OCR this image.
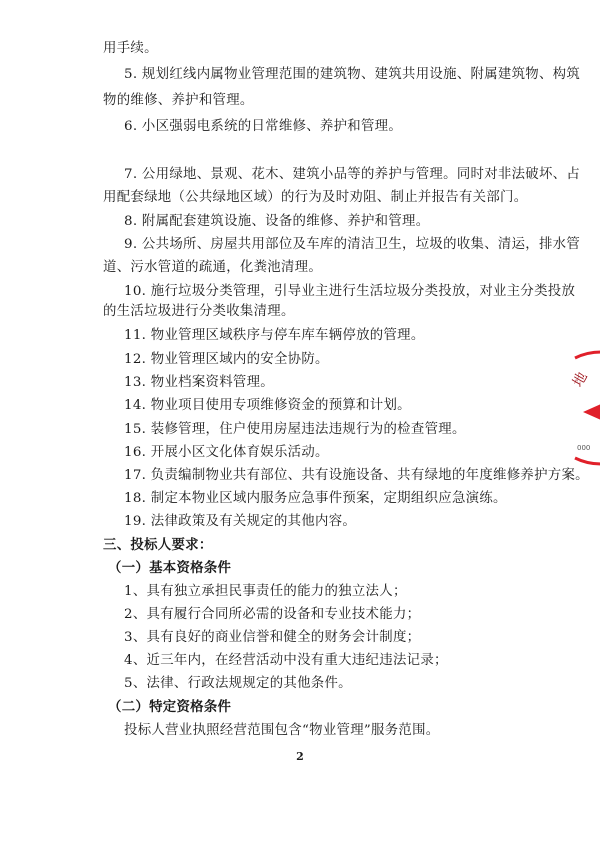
用手续。
5. 规划红线内属物业管理范围的建筑物、建筑共用设施、附属建筑物、构筑
物的维修、养护和管理。
6. 小区强弱电系统的日常维修、养护和管理。
7. 公用绿地、景观、花木、建筑小品等的养护与管理。同时对非法破坏、占
用配套绿地（公共绿地区域）的行为及时劝阻、制止并报告有关部门。
8. 附属配套建筑设施、设备的维修、养护和管理。
9. 公共场所、房屋共用部位及车库的清洁卫生，垃圾的收集、清运，排水管
道、污水管道的疏通，化粪池清理。
10. 施行垃圾分类管理，引导业主进行生活垃圾分类投放，对业主分类投放
的生活垃圾进行分类收集清理。
11. 物业管理区域秩序与停车库车辆停放的管理。
12. 物业管理区域内的安全协防。
13. 物业档案资料管理。
14. 物业项目使用专项维修资金的预算和计划。
15. 装修管理，住户使用房屋违法违规行为的检查管理。
16. 开展小区文化体育娱乐活动。
17. 负责编制物业共有部位、共有设施设备、共有绿地的年度维修养护方案。
18. 制定本物业区域内服务应急事件预案，定期组织应急演练。
19. 法律政策及有关规定的其他内容。
三、投标人要求：
（一）基本资格条件
1、具有独立承担民事责任的能力的独立法人；
2、具有履行合同所必需的设备和专业技术能力；
3、具有良好的商业信誉和健全的财务会计制度；
4、近三年内，在经营活动中没有重大违纪违法记录；
5、法律、行政法规规定的其他条件。
（二）特定资格条件
投标人营业执照经营范围包含“物业管理”服务范围。
2
地
000
